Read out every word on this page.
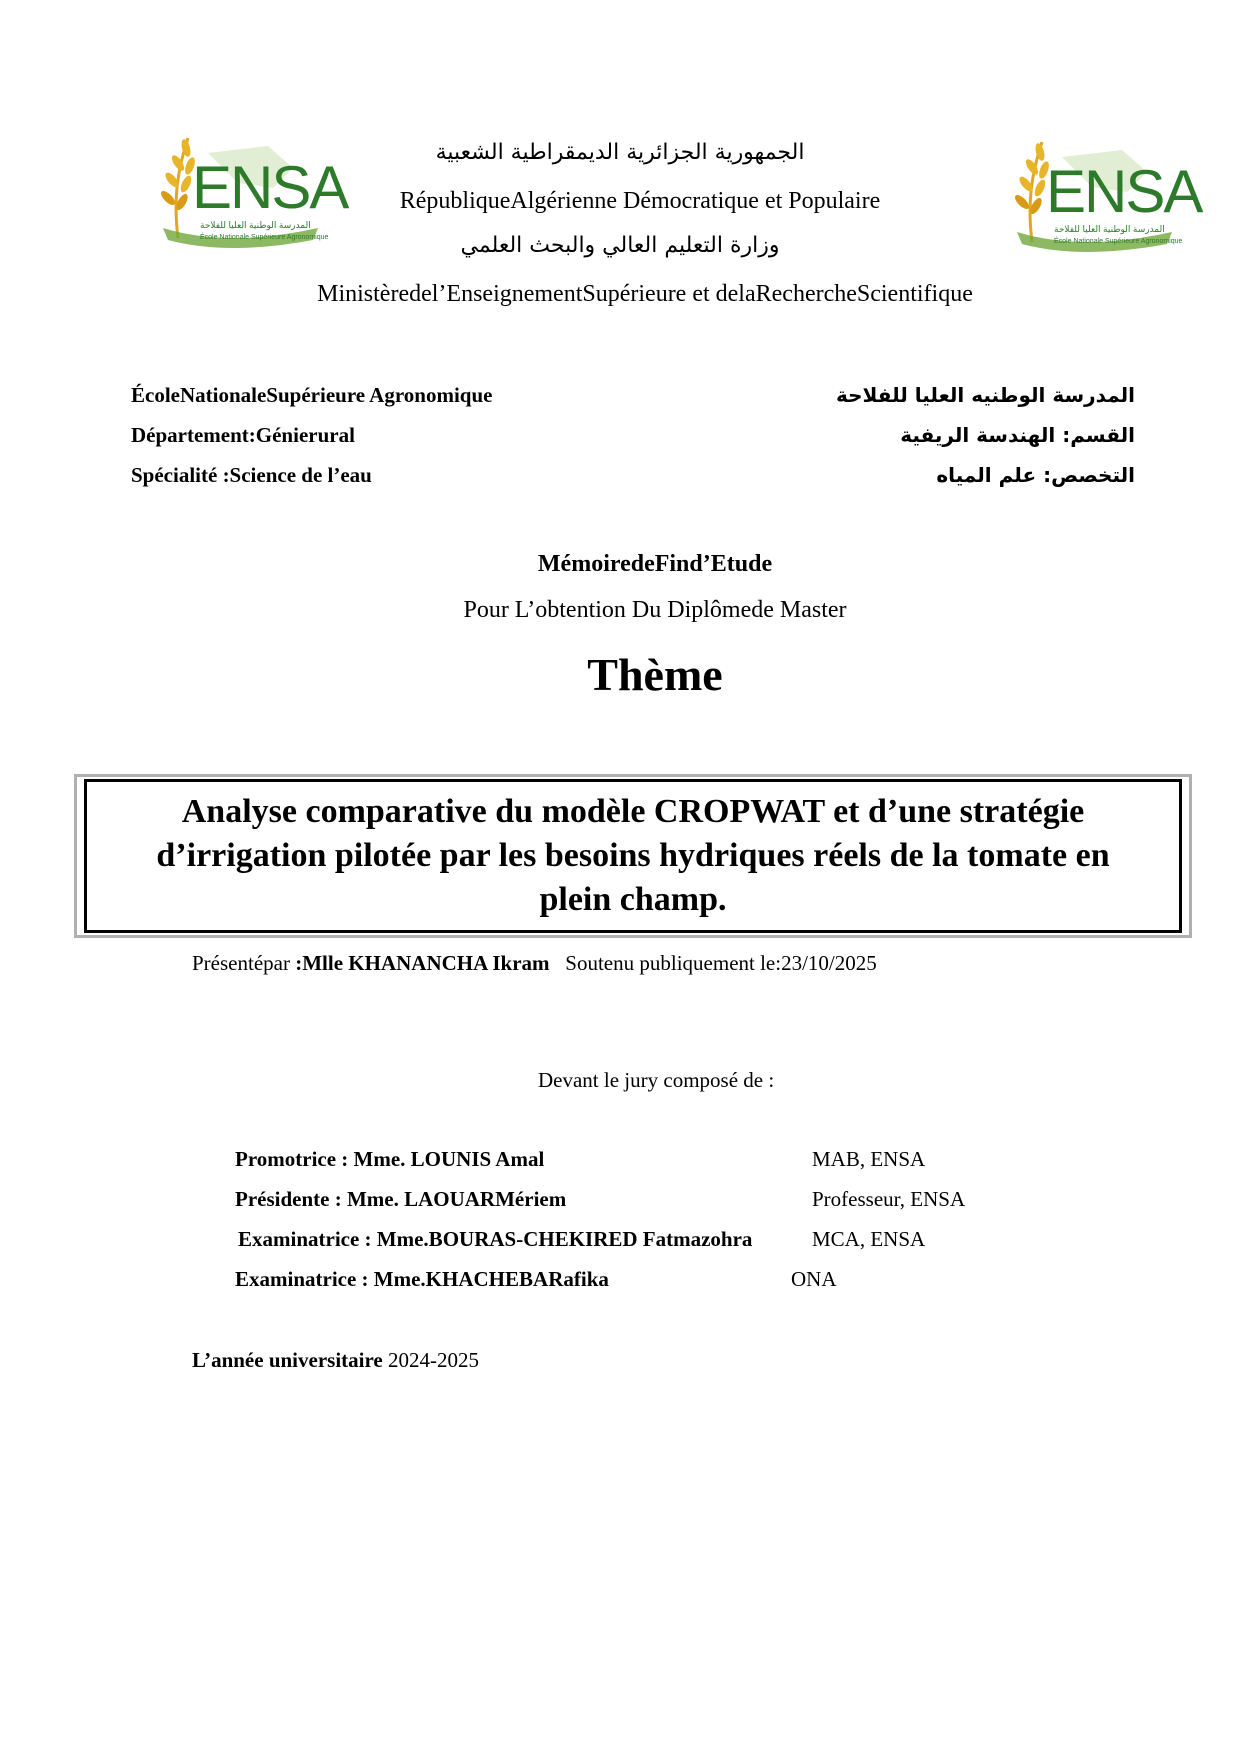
ENSA
المدرسة الوطنية العليا للفلاحة
École Nationale Supérieure Agronomique
ENSA
المدرسة الوطنية العليا للفلاحة
École Nationale Supérieure Agronomique
الجمهورية الجزائرية الديمقراطية الشعبية
RépubliqueAlgérienne Démocratique et Populaire
وزارة التعليم العالي والبحث العلمي
Ministèredel’EnseignementSupérieure et delaRechercheScientifique
ÉcoleNationaleSupérieure Agronomique
Département:Génierural
Spécialité :Science de l’eau
المدرسة الوطنيه العليا للفلاحة
القسم: الهندسة الريفية
التخصص: علم المياه
MémoiredeFind’Etude
Pour L’obtention Du Diplômede Master
Thème
Analyse comparative du modèle CROPWAT et d’une stratégie d’irrigation pilotée par les besoins hydriques réels de la tomate en plein champ.
Présentépar :Mlle KHANANCHA Ikram Soutenu publiquement le:23/10/2025
Devant le jury composé de :
Promotrice : Mme. LOUNIS Amal	MAB, ENSA
Présidente : Mme. LAOUARMériem	Professeur, ENSA
Examinatrice : Mme.BOURAS-CHEKIRED Fatmazohra	MCA, ENSA
Examinatrice : Mme.KHACHEBARafika	ONA
L’année universitaire 2024-2025
